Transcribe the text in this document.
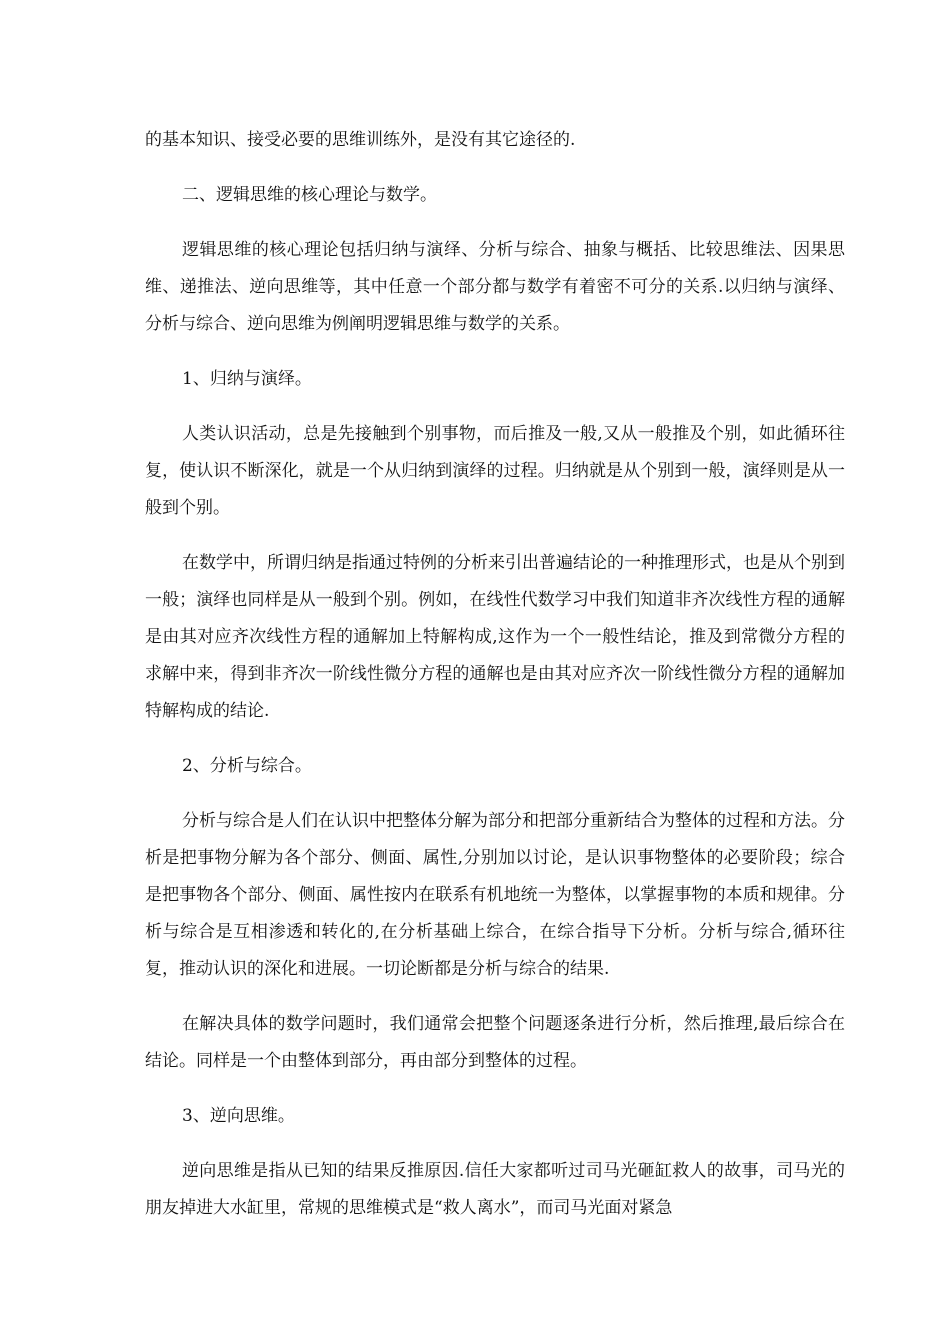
的基本知识、接受必要的思维训练外，是没有其它途径的.

二、逻辑思维的核心理论与数学。

逻辑思维的核心理论包括归纳与演绎、分析与综合、抽象与概括、比较思维法、因果思维、递推法、逆向思维等，其中任意一个部分都与数学有着密不可分的关系.以归纳与演绎、分析与综合、逆向思维为例阐明逻辑思维与数学的关系。

1、归纳与演绎。

人类认识活动，总是先接触到个别事物，而后推及一般,又从一般推及个别，如此循环往复，使认识不断深化，就是一个从归纳到演绎的过程。归纳就是从个别到一般，演绎则是从一般到个别。

在数学中，所谓归纳是指通过特例的分析来引出普遍结论的一种推理形式，也是从个别到一般；演绎也同样是从一般到个别。例如，在线性代数学习中我们知道非齐次线性方程的通解是由其对应齐次线性方程的通解加上特解构成,这作为一个一般性结论，推及到常微分方程的求解中来，得到非齐次一阶线性微分方程的通解也是由其对应齐次一阶线性微分方程的通解加特解构成的结论.

2、分析与综合。

分析与综合是人们在认识中把整体分解为部分和把部分重新结合为整体的过程和方法。分析是把事物分解为各个部分、侧面、属性,分别加以讨论，是认识事物整体的必要阶段；综合是把事物各个部分、侧面、属性按内在联系有机地统一为整体，以掌握事物的本质和规律。分析与综合是互相渗透和转化的,在分析基础上综合，在综合指导下分析。分析与综合,循环往复，推动认识的深化和进展。一切论断都是分析与综合的结果.

在解决具体的数学问题时，我们通常会把整个问题逐条进行分析，然后推理,最后综合在结论。同样是一个由整体到部分，再由部分到整体的过程。

3、逆向思维。

逆向思维是指从已知的结果反推原因.信任大家都听过司马光砸缸救人的故事，司马光的朋友掉进大水缸里，常规的思维模式是“救人离水”，而司马光面对紧急
